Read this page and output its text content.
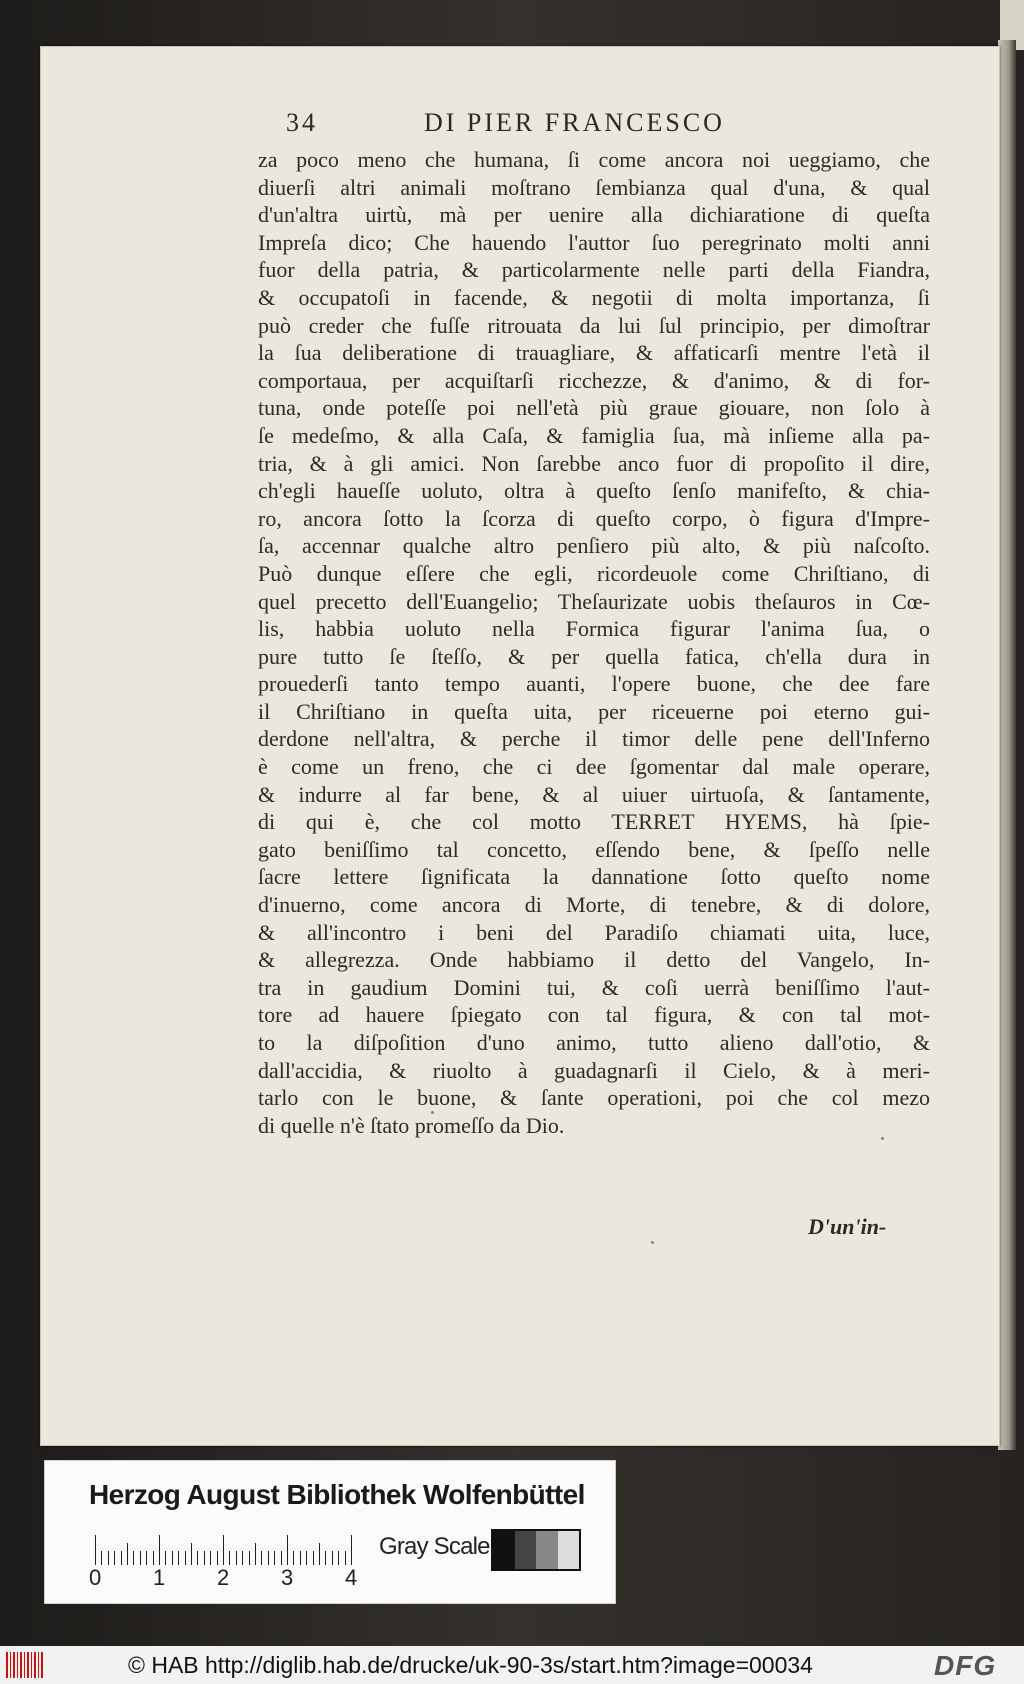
34	DI PIER FRANCESCO
za poco meno che humana, ſi come ancora noi ueggiamo, che
diuerſi altri animali moſtrano ſembianza qual d'una, & qual
d'un'altra uirtù, mà per uenire alla dichiaratione di queſta
Impreſa dico; Che hauendo l'auttor ſuo peregrinato molti anni
fuor della patria, & particolarmente nelle parti della Fiandra,
& occupatoſi in facende, & negotii di molta importanza, ſi
può creder che fuſſe ritrouata da lui ſul principio, per dimoſtrar
la ſua deliberatione di trauagliare, & affaticarſi mentre l'età il
comportaua, per acquiſtarſi ricchezze, & d'animo, & di for-
tuna, onde poteſſe poi nell'età più graue giouare, non ſolo à
ſe medeſmo, & alla Caſa, & famiglia ſua, mà inſieme alla pa-
tria, & à gli amici. Non ſarebbe anco fuor di propoſito il dire,
ch'egli haueſſe uoluto, oltra à queſto ſenſo manifeſto, & chia-
ro, ancora ſotto la ſcorza di queſto corpo, ò figura d'Impre-
ſa, accennar qualche altro penſiero più alto, & più naſcoſto.
Può dunque eſſere che egli, ricordeuole come Chriſtiano, di
quel precetto dell'Euangelio; Theſaurizate uobis theſauros in Cœ-
lis, habbia uoluto nella Formica figurar l'anima ſua, o
pure tutto ſe ſteſſo, & per quella fatica, ch'ella dura in
prouederſi tanto tempo auanti, l'opere buone, che dee fare
il Chriſtiano in queſta uita, per riceuerne poi eterno gui-
derdone nell'altra, & perche il timor delle pene dell'Inferno
è come un freno, che ci dee ſgomentar dal male operare,
& indurre al far bene, & al uiuer uirtuoſa, & ſantamente,
di qui è, che col motto TERRET HYEMS, hà ſpie-
gato beniſſimo tal concetto, eſſendo bene, & ſpeſſo nelle
ſacre lettere ſignificata la dannatione ſotto queſto nome
d'inuerno, come ancora di Morte, di tenebre, & di dolore,
& all'incontro i beni del Paradiſo chiamati uita, luce,
& allegrezza. Onde habbiamo il detto del Vangelo, In-
tra in gaudium Domini tui, & coſi uerrà beniſſimo l'aut-
tore ad hauere ſpiegato con tal figura, & con tal mot-
to la diſpoſition d'uno animo, tutto alieno dall'otio, &
dall'accidia, & riuolto à guadagnarſi il Cielo, & à meri-
tarlo con le buone, & ſante operationi, poi che col mezo
di quelle n'è ſtato promeſſo da Dio.
D'un'in-
Herzog August Bibliothek Wolfenbüttel
0 1 2 3 4
Gray Scale
© HAB http://diglib.hab.de/drucke/uk-90-3s/start.htm?image=00034	DFG
